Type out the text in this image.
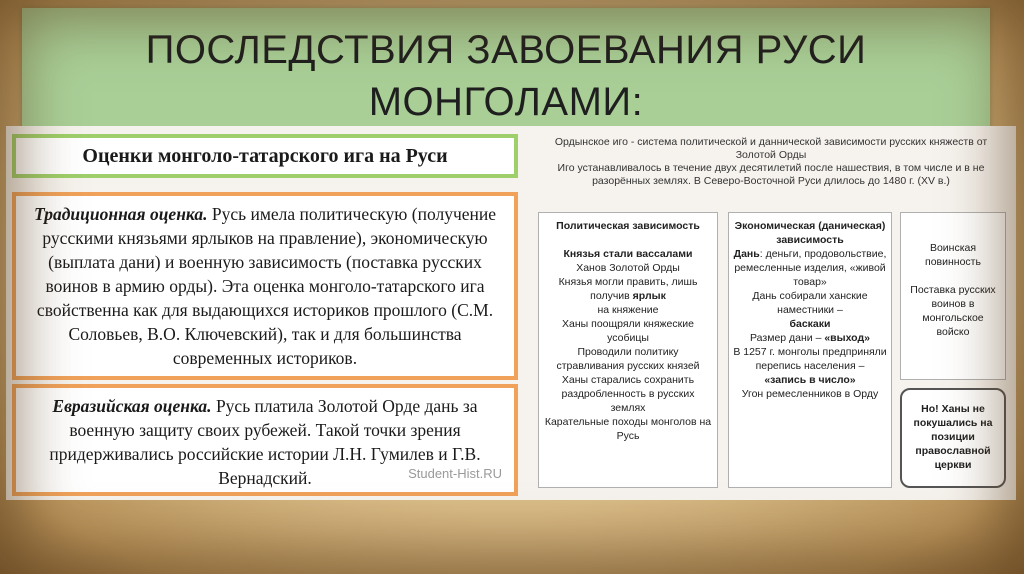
ПОСЛЕДСТВИЯ ЗАВОЕВАНИЯ РУСИ
МОНГОЛАМИ:
Оценки монголо-татарского ига на Руси
Традиционная оценка. Русь имела политическую (получение русскими князьями ярлыков на правление), экономическую (выплата дани) и военную зависимость (поставка русских воинов в армию орды). Эта оценка монголо-татарского ига свойственна как для выдающихся историков прошлого (С.М. Соловьев, В.О. Ключевский), так и для большинства современных историков.
Евразийская оценка. Русь платила Золотой Орде дань за военную защиту своих рубежей. Такой точки зрения придерживались российские истории Л.Н. Гумилев и Г.В. Вернадский.	Student-Hist.RU
Ордынское иго - система политической и даннической зависимости русских княжеств от
Золотой Орды
Иго устанавливалось в течение двух десятилетий после нашествия, в том числе и в не
разорённых землях. В Северо-Восточной Руси длилось до 1480 г. (XV в.)

Политическая зависимость

Князья стали вассалами

Ханов Золотой Орды

Князья могли править, лишь получив ярлык

на княжение

Ханы поощряли княжеские усобицы

Проводили политику стравливания русских князей

Ханы старались сохранить раздробленность в русских землях

Карательные походы монголов на Русь

Экономическая (даническая) зависимость

Дань: деньги, продовольствие, ремесленные изделия, «живой товар»

Дань собирали ханские наместники –

баскаки

Размер дани – «выход»

В 1257 г. монголы предприняли перепись населения –

«запись в число»

Угон ремесленников в Орду

Воинская повинность

Поставка русских воинов в монгольское войско

Но! Ханы не покушались на позиции православной церкви
